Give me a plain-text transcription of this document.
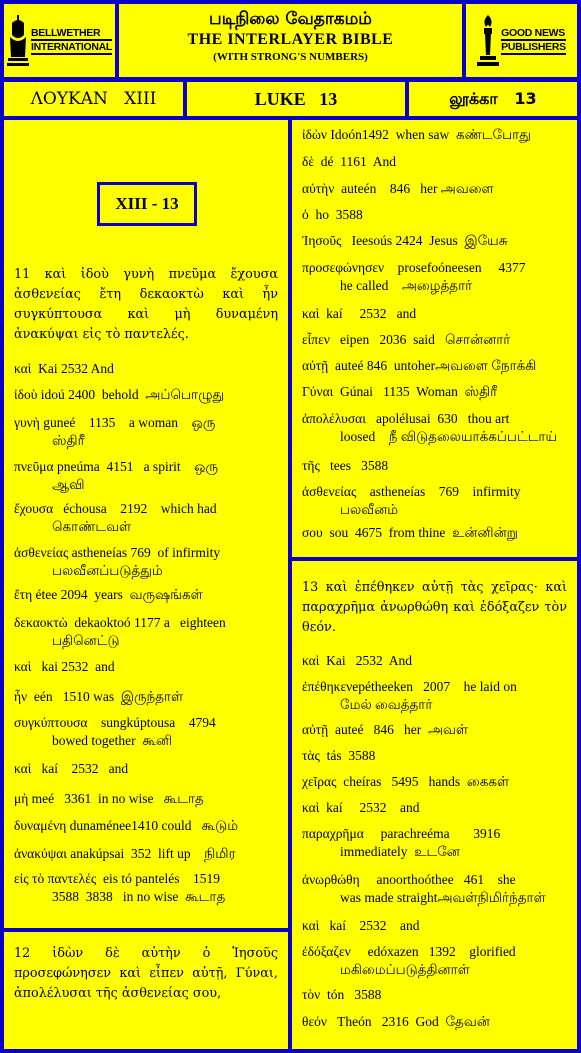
BELLWETHER
INTERNATIONAL
படிநிலை வேதாகமம்
THE INTERLAYER BIBLE
(WITH STRONG'S NUMBERS)
GOOD NEWS
PUBLISHERS
ΛΟΥΚΑΝ   XIII	LUKE   13	லூக்கா   13
XIII - 13
11 καὶ ἰδοὺ γυνὴ πνεῦμα ἔχουσα ἀσθενείας ἔτη δεκαοκτὼ καὶ ἦν συγκύπτουσα καὶ μὴ δυναμένη ἀνακύψαι εἰς τὸ παντελές.
καὶ  Kai 2532 And
ἰδοὺ idoú 2400  behold  அப்பொழுது
γυνὴ guneé    1135    a woman    ஒரு
ஸ்திரீ
πνεῦμα pneúma  4151   a spirit    ஒரு
ஆவி
ἔχουσα   échousa    2192    which had
கொண்டவள்
ἀσθενείας astheneías 769  of infirmity
பலவீனப்படுத்தும்
ἔτη étee 2094  years  வருஷங்கள்
δεκαοκτὼ  dekaoktoó 1177 a   eighteen
பதினெட்டு
καὶ   kai 2532  and
ἦν  eén   1510 was  இருந்தாள்
συγκύπτουσα    sungkúptousa    4794
bowed together  கூனி
καὶ   kaí    2532   and
μὴ meé   3361  in no wise   கூடாத
δυναμένη dunaménee1410 could   கூடும்
ἀνακύψαι anakúpsai  352  lift up    நிமிர
εἰς τὸ παντελές  eis tó pantelés    1519
3588  3838   in no wise  கூடாத
12 ἰδὼν δὲ αὐτὴν ὁ Ἰησοῦς προσεφώνησεν καὶ εἶπεν αὐτῇ, Γύναι, ἀπολέλυσαι τῆς ἀσθενείας σου,
ἰδὼν Idoón1492  when saw  கண்டபோது
δὲ  dé  1161  And
αὐτὴν  auteén    846   her அவளை
ὁ  ho  3588
Ἰησοῦς   Ieesoús 2424  Jesus  இயேசு
προσεφώνησεν    prosefoóneesen     4377
he called    அழைத்தார்
καὶ  kaí     2532   and
εἶπεν   eipen   2036  said   சொன்னார்
αὐτῇ  auteé 846  untoherஅவளை நோக்கி
Γύναι  Gúnai   1135  Woman  ஸ்திரீ
ἀπολέλυσαι   apolélusai  630   thou art
loosed    நீ விடுதலையாக்கப்பட்டாய்
τῆς   tees   3588
ἀσθενείας    astheneías    769    infirmity
பலவீனம்
σου  sou  4675  from thine  உன்னின்று
13 καὶ ἐπέθηκεν αὐτῇ τὰς χεῖρας· καὶ παραχρῆμα ἀνωρθώθη καὶ ἐδόξαζεν τὸν θεόν.
καὶ  Kai   2532  And
ἐπέθηκενepétheeken   2007    he laid on
மேல் வைத்தார்
αὐτῇ  auteé   846   her  அவள்
τὰς  tás  3588
χεῖρας  cheíras   5495   hands  கைகள்
καὶ  kaí     2532    and
παραχρῆμα     parachreéma       3916
immediately  உடனே
ἀνωρθώθη     anoorthoóthee   461    she
was made straightஅவள்நிமிர்ந்தாள்
καὶ   kaí    2532    and
ἐδόξαζεν     edóxazen   1392    glorified
மகிமைப்படுத்தினாள்
τὸν  tón   3588
θεόν   Theón   2316  God  தேவன்
